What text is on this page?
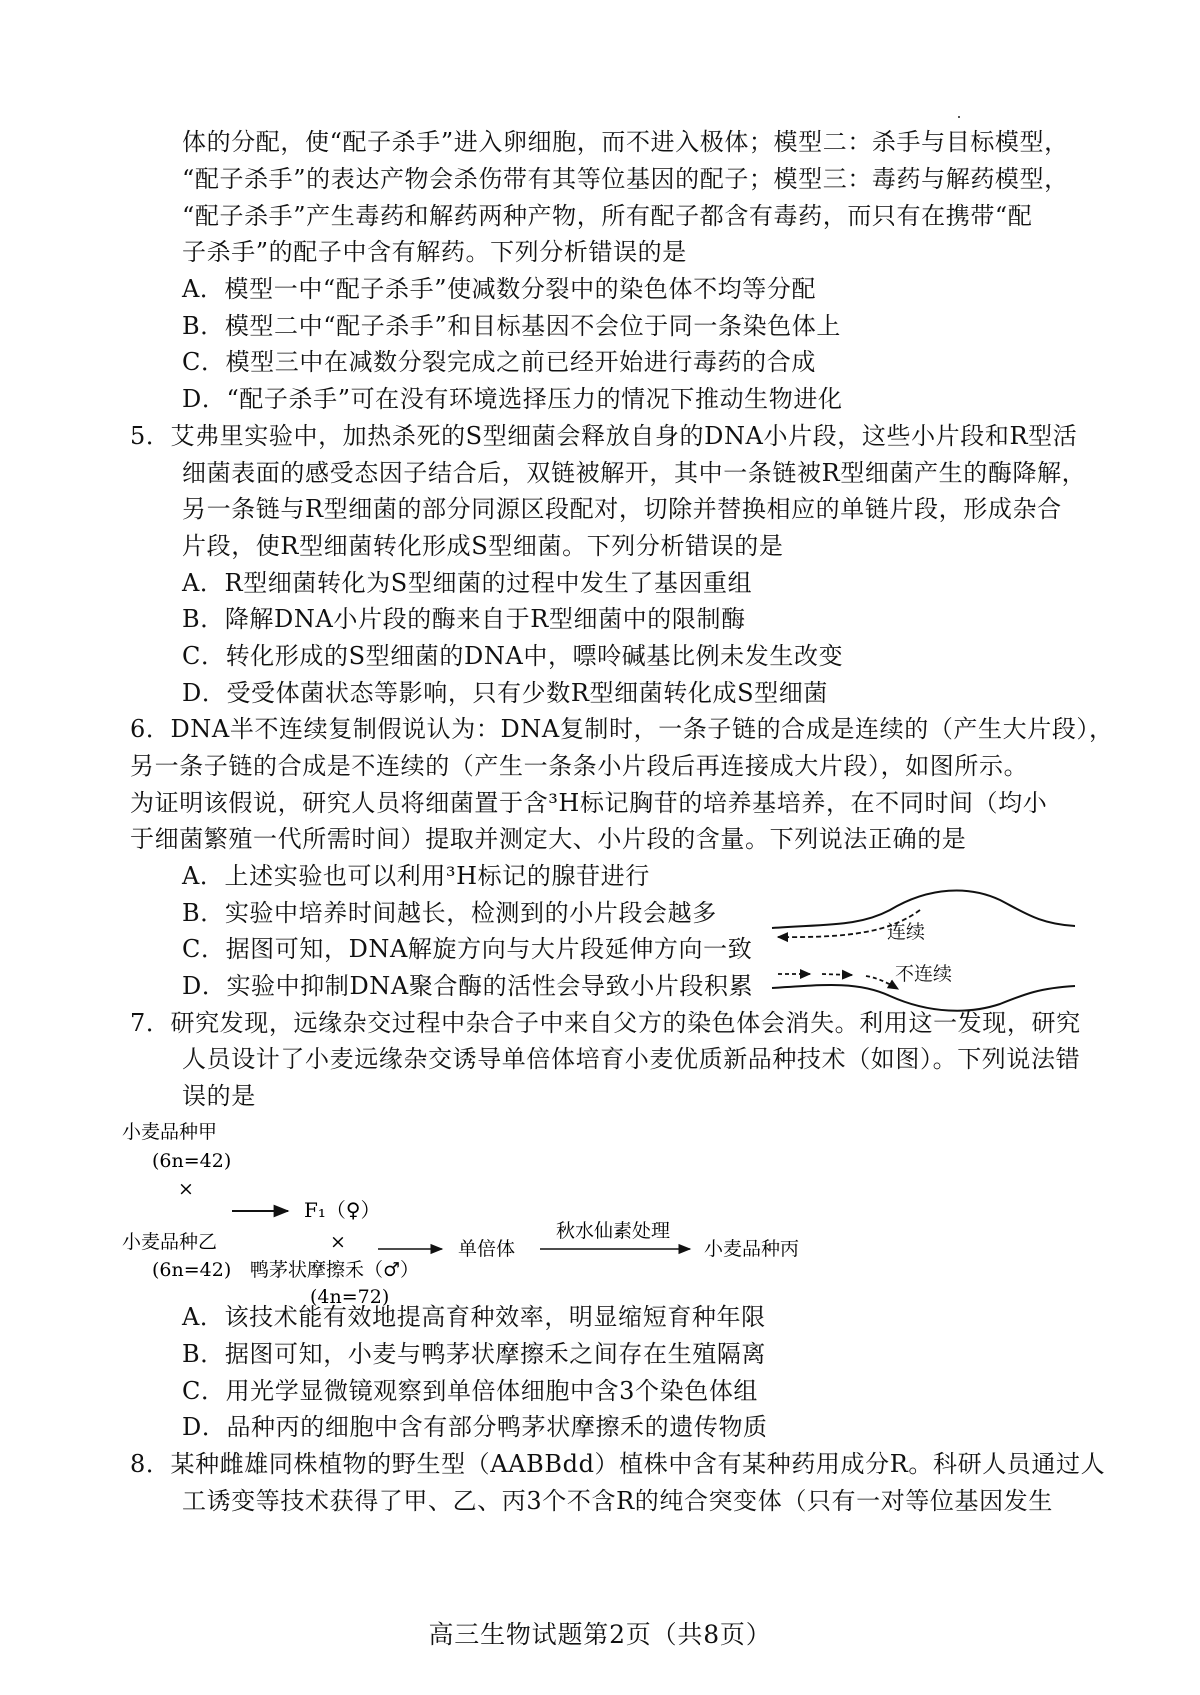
体的分配，使“配子杀手”进入卵细胞，而不进入极体；模型二：杀手与目标模型，
“配子杀手”的表达产物会杀伤带有其等位基因的配子；模型三：毒药与解药模型，
“配子杀手”产生毒药和解药两种产物，所有配子都含有毒药，而只有在携带“配
子杀手”的配子中含有解药。下列分析错误的是
A．模型一中“配子杀手”使减数分裂中的染色体不均等分配
B．模型二中“配子杀手”和目标基因不会位于同一条染色体上
C．模型三中在减数分裂完成之前已经开始进行毒药的合成
D．“配子杀手”可在没有环境选择压力的情况下推动生物进化
5．艾弗里实验中，加热杀死的S型细菌会释放自身的DNA小片段，这些小片段和R型活
细菌表面的感受态因子结合后，双链被解开，其中一条链被R型细菌产生的酶降解，
另一条链与R型细菌的部分同源区段配对，切除并替换相应的单链片段，形成杂合
片段，使R型细菌转化形成S型细菌。下列分析错误的是
A．R型细菌转化为S型细菌的过程中发生了基因重组
B．降解DNA小片段的酶来自于R型细菌中的限制酶
C．转化形成的S型细菌的DNA中，嘌呤碱基比例未发生改变
D．受受体菌状态等影响，只有少数R型细菌转化成S型细菌
6．DNA半不连续复制假说认为：DNA复制时，一条子链的合成是连续的（产生大片段），
另一条子链的合成是不连续的（产生一条条小片段后再连接成大片段），如图所示。
为证明该假说，研究人员将细菌置于含³H标记胸苷的培养基培养，在不同时间（均小
于细菌繁殖一代所需时间）提取并测定大、小片段的含量。下列说法正确的是
A．上述实验也可以利用³H标记的腺苷进行
B．实验中培养时间越长，检测到的小片段会越多
C．据图可知，DNA解旋方向与大片段延伸方向一致
D．实验中抑制DNA聚合酶的活性会导致小片段积累
连续
不连续
7．研究发现，远缘杂交过程中杂合子中来自父方的染色体会消失。利用这一发现，研究
人员设计了小麦远缘杂交诱导单倍体培育小麦优质新品种技术（如图）。下列说法错
误的是
小麦品种甲
(6n=42)
×
小麦品种乙
(6n=42)
F₁（♀）
×
鸭茅状摩擦禾（♂）
(4n=72)
单倍体
秋水仙素处理
小麦品种丙
A．该技术能有效地提高育种效率，明显缩短育种年限
B．据图可知，小麦与鸭茅状摩擦禾之间存在生殖隔离
C．用光学显微镜观察到单倍体细胞中含3个染色体组
D．品种丙的细胞中含有部分鸭茅状摩擦禾的遗传物质
8．某种雌雄同株植物的野生型（AABBdd）植株中含有某种药用成分R。科研人员通过人
工诱变等技术获得了甲、乙、丙3个不含R的纯合突变体（只有一对等位基因发生
高三生物试题第2页（共8页）
